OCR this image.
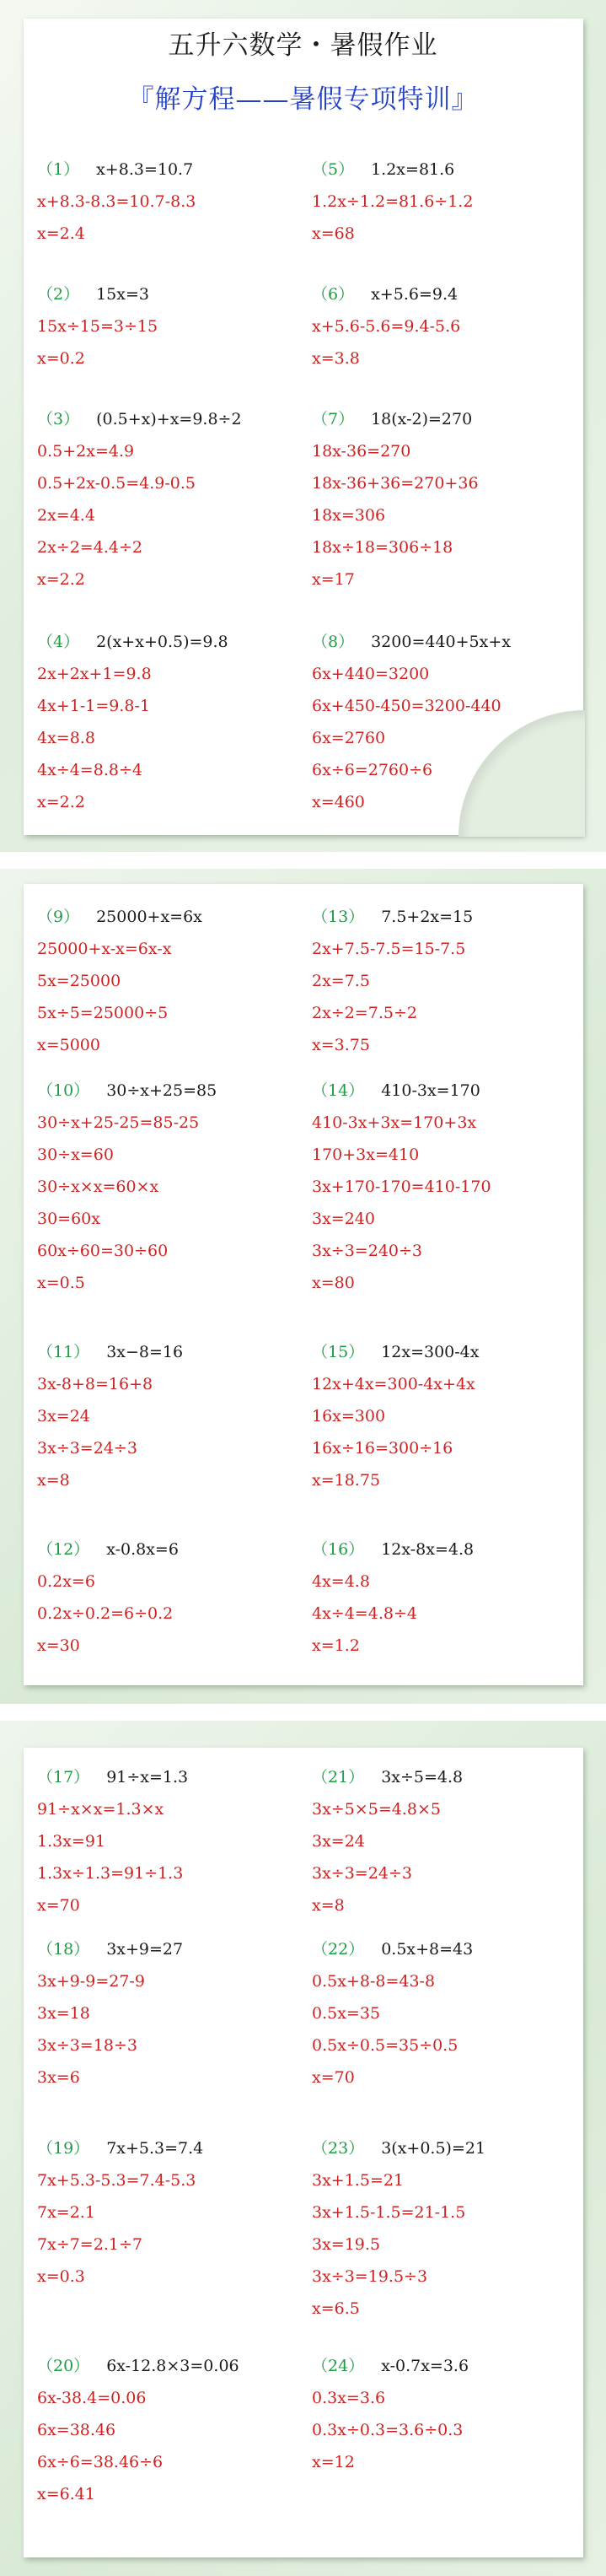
五升六数学・暑假作业
『解方程——暑假专项特训』
（1） x+8.3=10.7
x+8.3-8.3=10.7-8.3
x=2.4
（5） 1.2x=81.6
1.2x÷1.2=81.6÷1.2
x=68
（2） 15x=3
15x÷15=3÷15
x=0.2
（6） x+5.6=9.4
x+5.6-5.6=9.4-5.6
x=3.8
（3） (0.5+x)+x=9.8÷2
0.5+2x=4.9
0.5+2x-0.5=4.9-0.5
2x=4.4
2x÷2=4.4÷2
x=2.2
（7） 18(x-2)=270
18x-36=270
18x-36+36=270+36
18x=306
18x÷18=306÷18
x=17
（4） 2(x+x+0.5)=9.8
2x+2x+1=9.8
4x+1-1=9.8-1
4x=8.8
4x÷4=8.8÷4
x=2.2
（8） 3200=440+5x+x
6x+440=3200
6x+450-450=3200-440
6x=2760
6x÷6=2760÷6
x=460
（9） 25000+x=6x
25000+x-x=6x-x
5x=25000
5x÷5=25000÷5
x=5000
（13） 7.5+2x=15
2x+7.5-7.5=15-7.5
2x=7.5
2x÷2=7.5÷2
x=3.75
（10） 30÷x+25=85
30÷x+25-25=85-25
30÷x=60
30÷x×x=60×x
30=60x
60x÷60=30÷60
x=0.5
（14） 410-3x=170
410-3x+3x=170+3x
170+3x=410
3x+170-170=410-170
3x=240
3x÷3=240÷3
x=80
（11） 3x−8=16
3x-8+8=16+8
3x=24
3x÷3=24÷3
x=8
（15） 12x=300-4x
12x+4x=300-4x+4x
16x=300
16x÷16=300÷16
x=18.75
（12） x-0.8x=6
0.2x=6
0.2x÷0.2=6÷0.2
x=30
（16） 12x-8x=4.8
4x=4.8
4x÷4=4.8÷4
x=1.2
（17） 91÷x=1.3
91÷x×x=1.3×x
1.3x=91
1.3x÷1.3=91÷1.3
x=70
（21） 3x÷5=4.8
3x÷5×5=4.8×5
3x=24
3x÷3=24÷3
x=8
（18） 3x+9=27
3x+9-9=27-9
3x=18
3x÷3=18÷3
3x=6
（22） 0.5x+8=43
0.5x+8-8=43-8
0.5x=35
0.5x÷0.5=35÷0.5
x=70
（19） 7x+5.3=7.4
7x+5.3-5.3=7.4-5.3
7x=2.1
7x÷7=2.1÷7
x=0.3
（23） 3(x+0.5)=21
3x+1.5=21
3x+1.5-1.5=21-1.5
3x=19.5
3x÷3=19.5÷3
x=6.5
（20） 6x-12.8×3=0.06
6x-38.4=0.06
6x=38.46
6x÷6=38.46÷6
x=6.41
（24） x-0.7x=3.6
0.3x=3.6
0.3x÷0.3=3.6÷0.3
x=12
